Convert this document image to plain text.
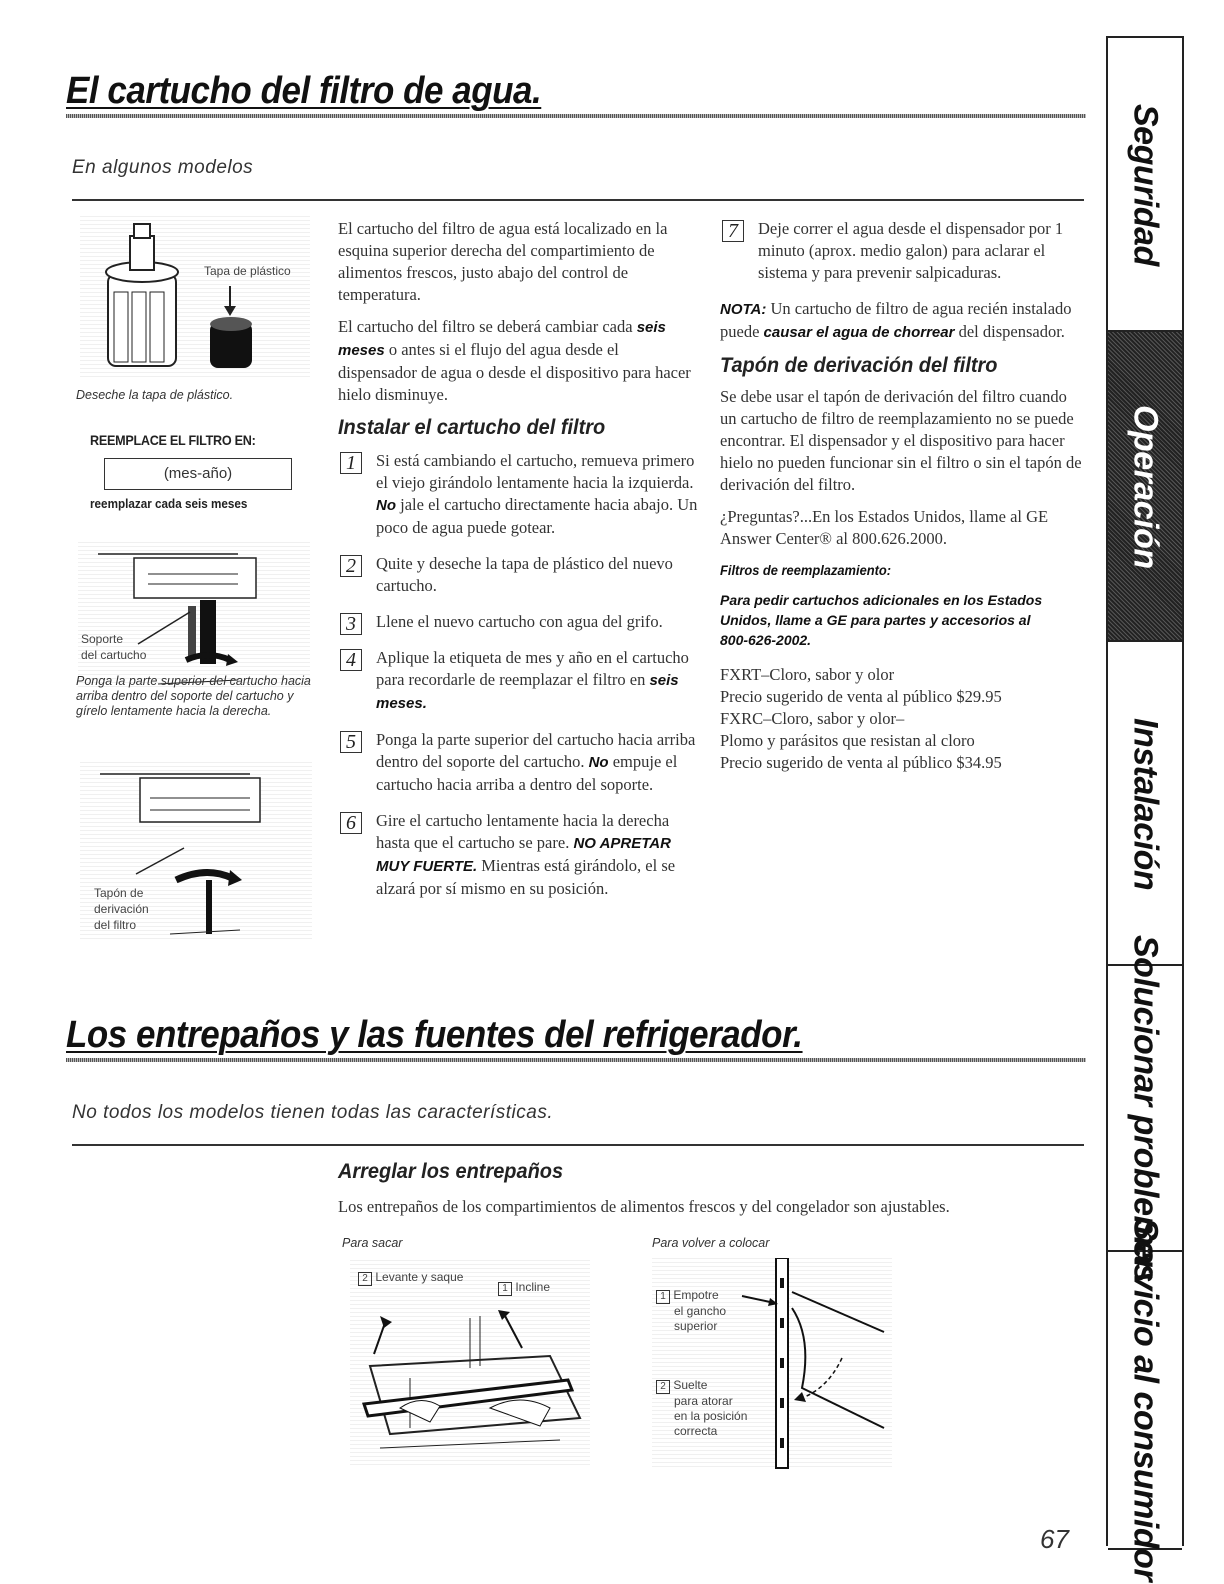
El cartucho del filtro de agua.
En algunos modelos
Tapa de plástico
Deseche la tapa de plástico.
REEMPLACE EL FILTRO EN:
(mes-año)
reemplazar cada seis meses
Soporte
del cartucho
Ponga la parte superior del cartucho hacia arriba dentro del soporte del cartucho y gírelo lentamente hacia la derecha.
Tapón de
derivación
del filtro

El cartucho del filtro de agua está localizado en la esquina superior derecha del compartimiento de alimentos frescos, justo abajo del control de temperatura.

El cartucho del filtro se deberá cambiar cada seis meses o antes si el flujo del agua desde el dispensador de agua o desde el dispositivo para hacer hielo disminuye.

Instalar el cartucho del filtro
1	Si está cambiando el cartucho, remueva primero el viejo girándolo lentamente hacia la izquierda. No jale el cartucho directamente hacia abajo. Un poco de agua puede gotear.
2	Quite y deseche la tapa de plástico del nuevo cartucho.
3	Llene el nuevo cartucho con agua del grifo.
4	Aplique la etiqueta de mes y año en el cartucho para recordarle de reemplazar el filtro en seis meses.
5	Ponga la parte superior del cartucho hacia arriba dentro del soporte del cartucho. No empuje el cartucho hacia arriba a dentro del soporte.
6	Gire el cartucho lentamente hacia la derecha hasta que el cartucho se pare. NO APRETAR MUY FUERTE. Mientras está girándolo, el se alzará por sí mismo en su posición.
7	Deje correr el agua desde el dispensador por 1 minuto (aprox. medio galon) para aclarar el sistema y para prevenir salpicaduras.

NOTA: Un cartucho de filtro de agua recién instalado puede causar el agua de chorrear del dispensador.

Tapón de derivación del filtro

Se debe usar el tapón de derivación del filtro cuando un cartucho de filtro de reemplazamiento no se puede encontrar. El dispensador y el dispositivo para hacer hielo no pueden funcionar sin el filtro o sin el tapón de derivación del filtro.

¿Preguntas?...En los Estados Unidos, llame al GE Answer Center® al 800.626.2000.

Filtros de reemplazamiento:
Para pedir cartuchos adicionales en los Estados Unidos, llame a GE para partes y accesorios al 800-626-2002.
FXRT–Cloro, sabor y olor
Precio sugerido de venta al público $29.95
FXRC–Cloro, sabor y olor–
Plomo y parásitos que resistan al cloro
Precio sugerido de venta al público $34.95
Los entrepaños y las fuentes del refrigerador.
No todos los modelos tienen todas las características.
Arreglar los entrepaños

Los entrepaños de los compartimientos de alimentos frescos y del congelador son ajustables.

Para sacar
2 Levante y saque
1 Incline
Para volver a colocar
1 Empotre
el gancho
superior
2 Suelte
para atorar
en la posición
correcta
67
Seguridad
Operación
Instalación
Solucionar problemas
Servicio al consumidor
